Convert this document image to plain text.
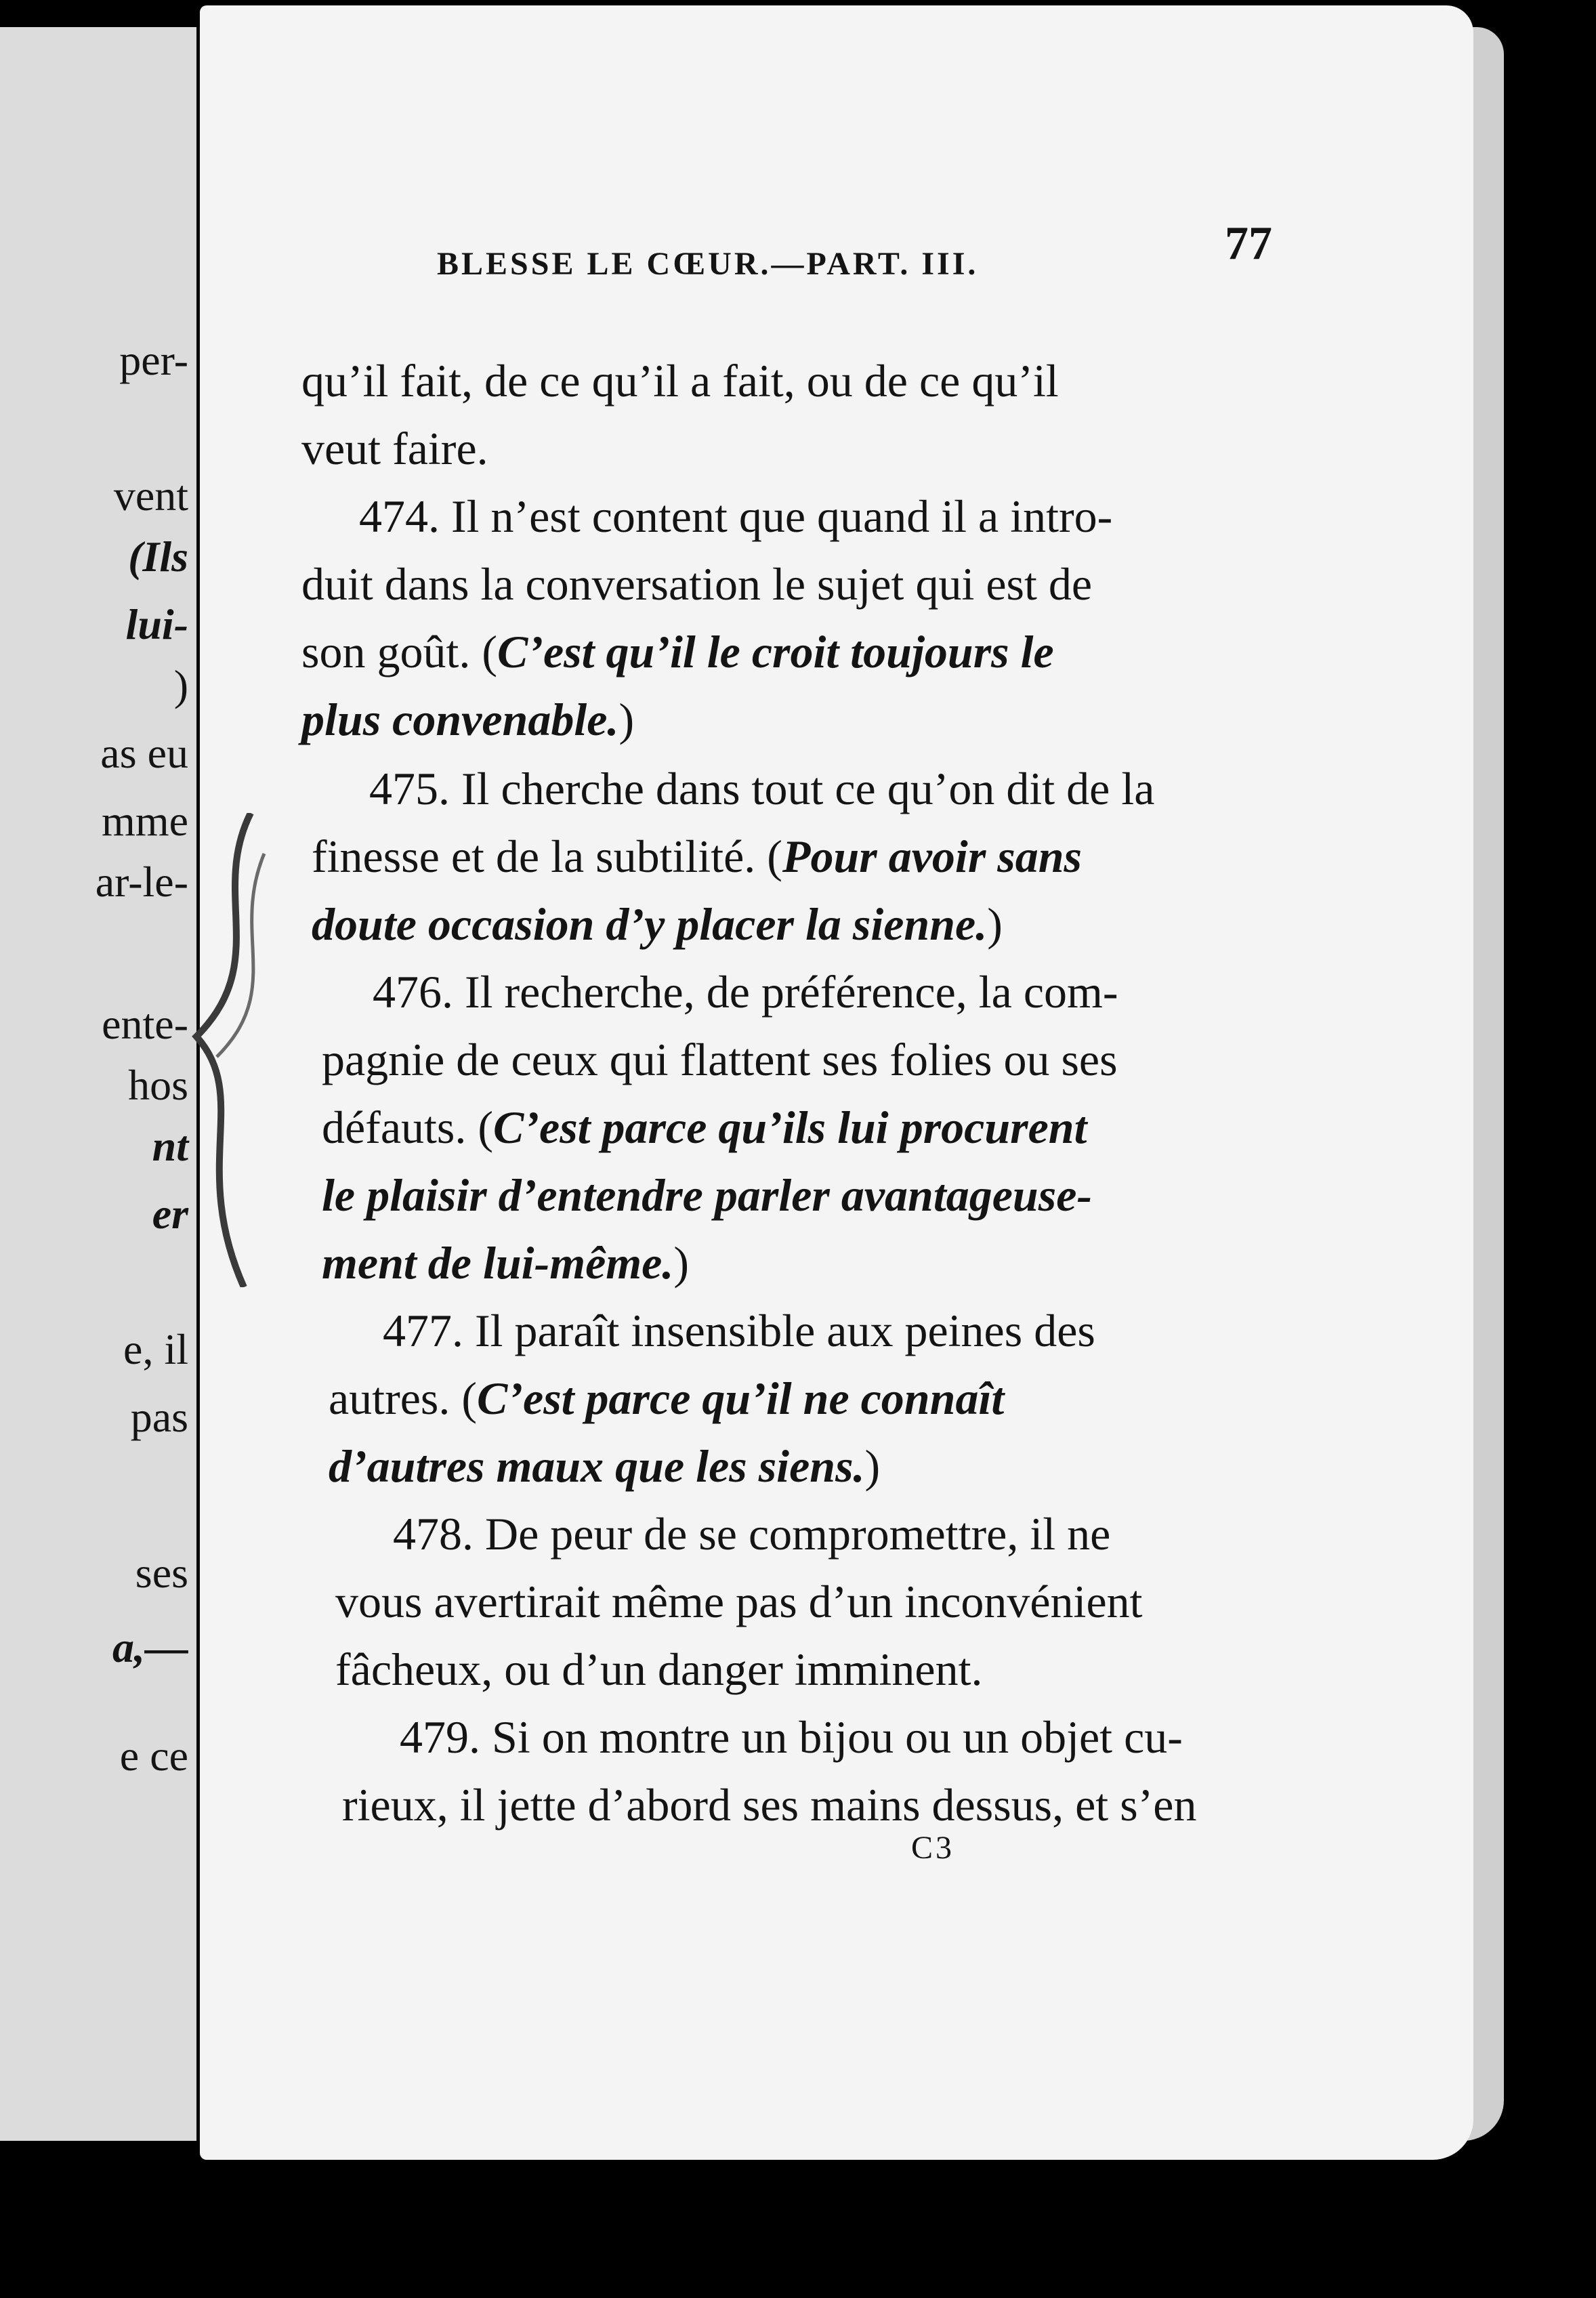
per-
vent
(Ils
lui-
)
as eu
mme
ar-le-
ente-
hos
nt
er
e, il
pas
ses
a,—
e ce
BLESSE LE CŒUR.—PART. III.	77
qu’il fait, de ce qu’il a fait, ou de ce qu’il
veut faire.
474. Il n’est content que quand il a intro-
duit dans la conversation le sujet qui est de
son goût. (C’est qu’il le croit toujours le
plus convenable.)
475. Il cherche dans tout ce qu’on dit de la
finesse et de la subtilité. (Pour avoir sans
doute occasion d’y placer la sienne.)
476. Il recherche, de préférence, la com-
pagnie de ceux qui flattent ses folies ou ses
défauts. (C’est parce qu’ils lui procurent
le plaisir d’entendre parler avantageuse-
ment de lui-même.)
477. Il paraît insensible aux peines des
autres. (C’est parce qu’il ne connaît
d’autres maux que les siens.)
478. De peur de se compromettre, il ne
vous avertirait même pas d’un inconvénient
fâcheux, ou d’un danger imminent.
479. Si on montre un bijou ou un objet cu-
rieux, il jette d’abord ses mains dessus, et s’en
C3
